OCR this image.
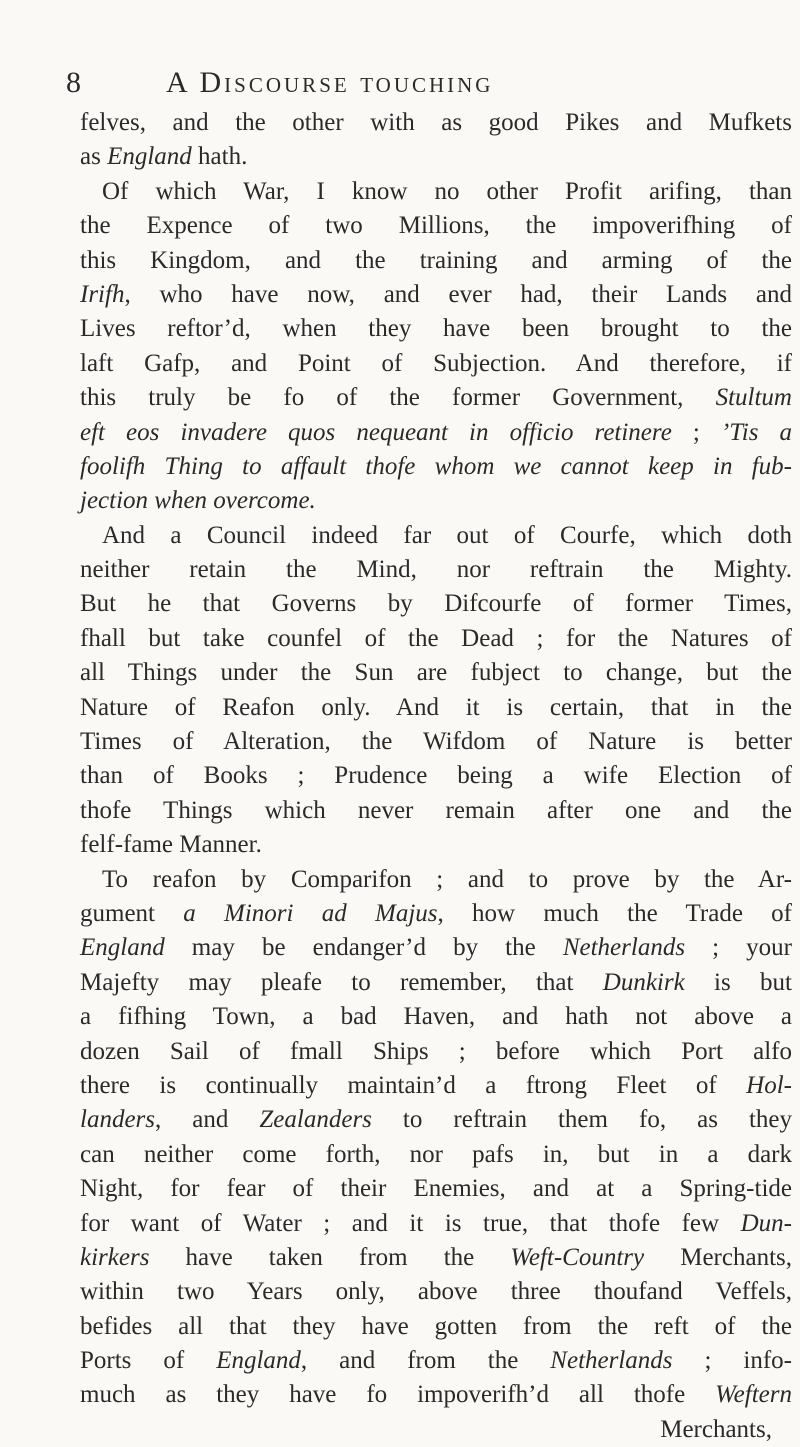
8	A Discourse touching
felves, and the other with as good Pikes and Mufkets
as England hath.
Of which War, I know no other Profit arifing, than
the Expence of two Millions, the impoverifhing of
this Kingdom, and the training and arming of the
Irifh, who have now, and ever had, their Lands and
Lives reftor’d, when they have been brought to the
laft Gafp, and Point of Subjection. And therefore, if
this truly be fo of the former Government, Stultum
eft eos invadere quos nequeant in officio retinere ; ’Tis a
foolifh Thing to affault thofe whom we cannot keep in fub-
jection when overcome.
And a Council indeed far out of Courfe, which doth
neither retain the Mind, nor reftrain the Mighty.
But he that Governs by Difcourfe of former Times,
fhall but take counfel of the Dead ; for the Natures of
all Things under the Sun are fubject to change, but the
Nature of Reafon only. And it is certain, that in the
Times of Alteration, the Wifdom of Nature is better
than of Books ; Prudence being a wife Election of
thofe Things which never remain after one and the
felf-fame Manner.
To reafon by Comparifon ; and to prove by the Ar-
gument a Minori ad Majus, how much the Trade of
England may be endanger’d by the Netherlands ; your
Majefty may pleafe to remember, that Dunkirk is but
a fifhing Town, a bad Haven, and hath not above a
dozen Sail of fmall Ships ; before which Port alfo
there is continually maintain’d a ftrong Fleet of Hol-
landers, and Zealanders to reftrain them fo, as they
can neither come forth, nor pafs in, but in a dark
Night, for fear of their Enemies, and at a Spring-tide
for want of Water ; and it is true, that thofe few Dun-
kirkers have taken from the Weft-Country Merchants,
within two Years only, above three thoufand Veffels,
befides all that they have gotten from the reft of the
Ports of England, and from the Netherlands ; info-
much as they have fo impoverifh’d all thofe Weftern
Merchants,
